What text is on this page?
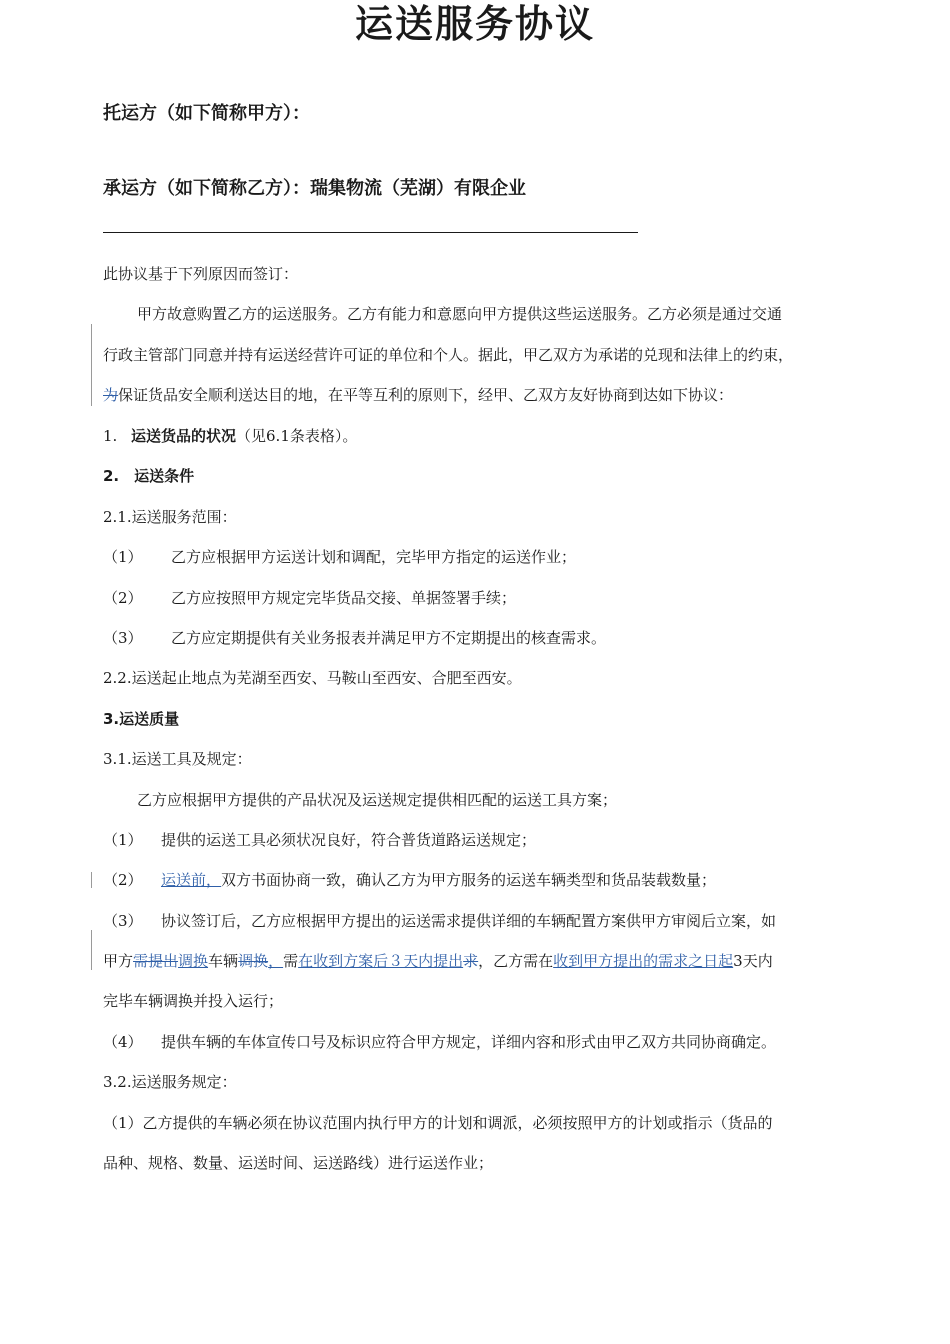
运送服务协议
托运方（如下简称甲方）：
承运方（如下简称乙方）：瑞集物流（芜湖）有限企业
此协议基于下列原因而签订：
甲方故意购置乙方的运送服务。乙方有能力和意愿向甲方提供这些运送服务。乙方必须是通过交通
行政主管部门同意并持有运送经营许可证的单位和个人。据此，甲乙双方为承诺的兑现和法律上的约束，
为保证货品安全顺利送达目的地，在平等互利的原则下，经甲、乙双方友好协商到达如下协议：
1. 运送货品的状况（见6.1条表格）。
2.　运送条件
2.1.运送服务范围：
（1） 乙方应根据甲方运送计划和调配，完毕甲方指定的运送作业；
（2） 乙方应按照甲方规定完毕货品交接、单据签署手续；
（3） 乙方应定期提供有关业务报表并满足甲方不定期提出的核查需求。
2.2.运送起止地点为芜湖至西安、马鞍山至西安、合肥至西安。
3.运送质量
3.1.运送工具及规定：
乙方应根据甲方提供的产品状况及运送规定提供相匹配的运送工具方案；
（1） 提供的运送工具必须状况良好，符合普货道路运送规定；
（2） 运送前，双方书面协商一致，确认乙方为甲方服务的运送车辆类型和货品装载数量；
（3） 协议签订后，乙方应根据甲方提出的运送需求提供详细的车辆配置方案供甲方审阅后立案，如
甲方需提出调换车辆调换，需在收到方案后３天内提出求，乙方需在收到甲方提出的需求之日起3天内
完毕车辆调换并投入运行；
（4） 提供车辆的车体宣传口号及标识应符合甲方规定，详细内容和形式由甲乙双方共同协商确定。
3.2.运送服务规定：
（1）乙方提供的车辆必须在协议范围内执行甲方的计划和调派，必须按照甲方的计划或指示（货品的
品种、规格、数量、运送时间、运送路线）进行运送作业；
